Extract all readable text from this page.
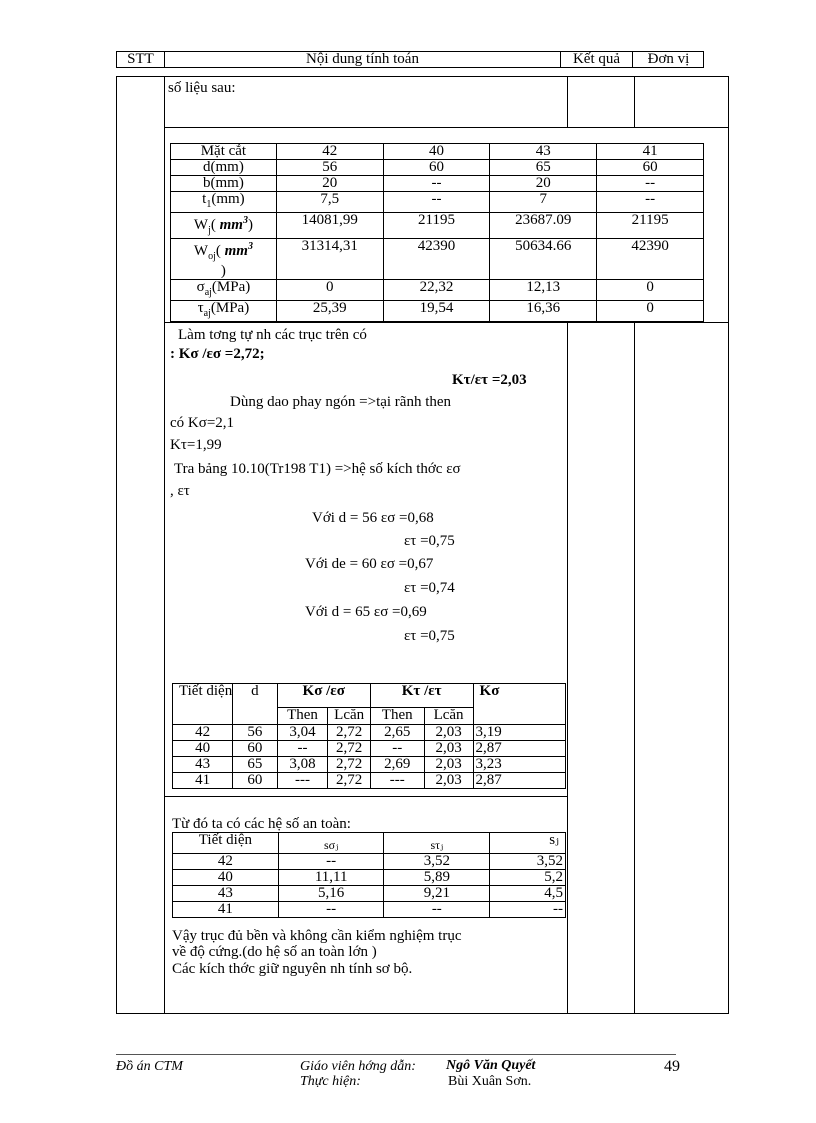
STT	Nội dung tính toán	Kết quả	Đơn vị
số liệu sau:
Mặt cắt	42	40	43	41
d(mm)	56	60	65	60
b(mm)	20	--	20	--
$t_1(mm)$	7,5	--	7	--
$W_j$( $mm^3$)	14081,99	21195	23687.09	21195
$W_{oj}$( $mm^3$
)	31314,31	42390	50634.66	42390
$\sigma_{aj}(MPa)$	0	22,32	12,13	0
$\tau_{aj}(MPa)$	25,39	19,54	16,36	0
Làm tơng tự nh các trục trên có
: Kσ /εσ =2,72;
Kτ/ετ =2,03
Dùng dao phay ngón =>tại rãnh then
có Kσ=2,1
Kτ=1,99
Tra bảng 10.10(Tr198 T1) =>hệ số kích thớc εσ
, ετ
Với d = 56 εσ =0,68
ετ =0,75
Với de = 60 εσ =0,67
ετ =0,74
Với d = 65 εσ =0,69
ετ =0,75
Tiết diện	d	Kσ /εσ		Kτ /ετ		Kσ
		Then	Lcăn	Then	Lcăn	
42	56	3,04	2,72	2,65	2,03	3,19
40	60	--	2,72	--	2,03	2,87
43	65	3,08	2,72	2,69	2,03	3,23
41	60	---	2,72	---	2,03	2,87
Từ đó ta có các hệ số an toàn:
Tiết diện	sσⱼ	sτⱼ	sⱼ
42	--	3,52	3,52
40	11,11	5,89	5,2
43	5,16	9,21	4,5
41	--	--	--
Vậy trục đủ bền và không cần kiểm nghiệm trục
về độ cứng.(do hệ số an toàn lớn )
Các kích thớc giữ nguyên nh tính sơ bộ.
Đồ án CTM	Giáo viên hớng dẫn: Ngô Văn Quyết
Thực hiện:	Bùi Xuân Sơn.
49
